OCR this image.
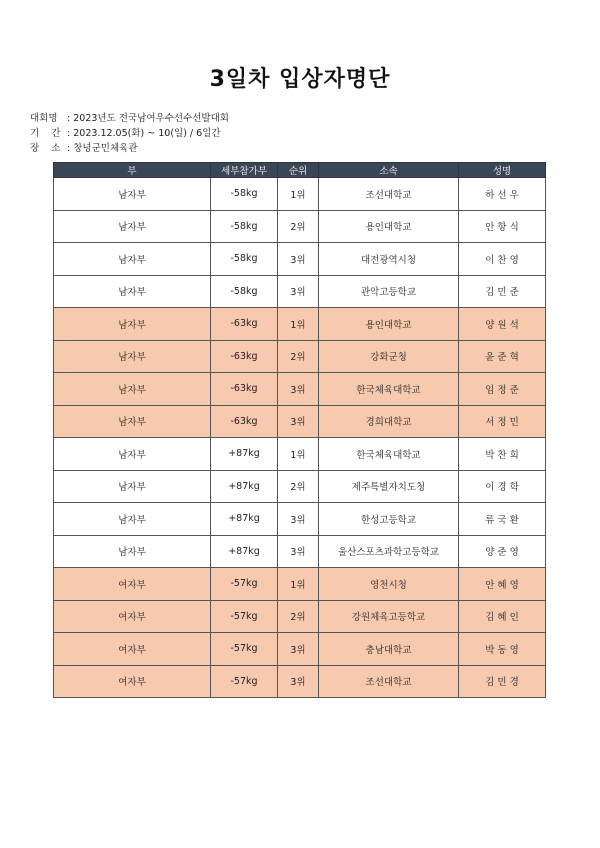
3일차 입상자명단
대회명 : 2023년도 전국남여우수선수선발대회
기    간 : 2023.12.05(화) ~ 10(일) / 6일간
장    소 : 창녕군민체육관
부	세부참가부	순위	소속	성명
남자부	-58kg	1위	조선대학교	하 선 우
남자부	-58kg	2위	용인대학교	안 항 식
남자부	-58kg	3위	대전광역시청	이 찬 영
남자부	-58kg	3위	관악고등학교	김 민 준
남자부	-63kg	1위	용인대학교	양 원 석
남자부	-63kg	2위	강화군청	윤 준 혁
남자부	-63kg	3위	한국체육대학교	임 정 준
남자부	-63kg	3위	경희대학교	서 정 민
남자부	+87kg	1위	한국체육대학교	박 찬 희
남자부	+87kg	2위	제주특별자치도청	이 경 학
남자부	+87kg	3위	한성고등학교	류 국 환
남자부	+87kg	3위	울산스포츠과학고등학교	양 준 영
여자부	-57kg	1위	영천시청	안 혜 영
여자부	-57kg	2위	강원체육고등학교	김 혜 인
여자부	-57kg	3위	충남대학교	박 동 영
여자부	-57kg	3위	조선대학교	김 민 경
